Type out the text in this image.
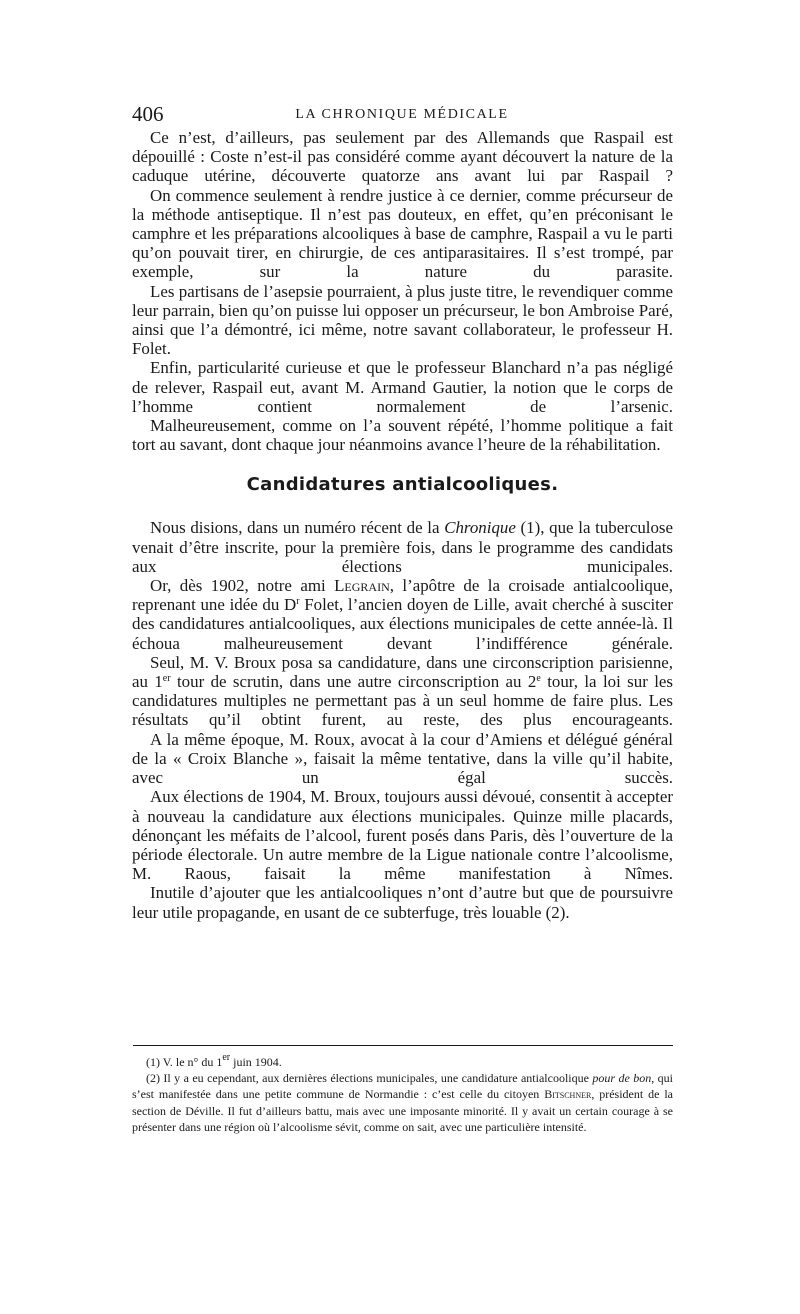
406	LA CHRONIQUE MÉDICALE

Ce n’est, d’ailleurs, pas seulement par des Allemands que Raspail est dépouillé : Coste n’est-il pas considéré comme ayant découvert la nature de la caduque utérine, découverte quatorze ans avant lui par Raspail ?

On commence seulement à rendre justice à ce dernier, comme précurseur de la méthode antiseptique. Il n’est pas douteux, en effet, qu’en préconisant le camphre et les préparations alcooliques à base de camphre, Raspail a vu le parti qu’on pouvait tirer, en chirurgie, de ces antiparasitaires. Il s’est trompé, par exemple, sur la nature du parasite.

Les partisans de l’asepsie pourraient, à plus juste titre, le revendiquer comme leur parrain, bien qu’on puisse lui opposer un précurseur, le bon Ambroise Paré, ainsi que l’a démontré, ici même, notre savant collaborateur, le professeur H. Folet.

Enfin, particularité curieuse et que le professeur Blanchard n’a pas négligé de relever, Raspail eut, avant M. Armand Gautier, la notion que le corps de l’homme contient normalement de l’arsenic.

Malheureusement, comme on l’a souvent répété, l’homme politique a fait tort au savant, dont chaque jour néanmoins avance l’heure de la réhabilitation.

Candidatures antialcooliques.

Nous disions, dans un numéro récent de la Chronique (1), que la tuberculose venait d’être inscrite, pour la première fois, dans le programme des candidats aux élections municipales.

Or, dès 1902, notre ami Legrain, l’apôtre de la croisade antialcoolique, reprenant une idée du $D^r$ Folet, l’ancien doyen de Lille, avait cherché à susciter des candidatures antialcooliques, aux élections municipales de cette année-là. Il échoua malheureusement devant l’indifférence générale.

Seul, M. V. Broux posa sa candidature, dans une circonscription parisienne, au 1er tour de scrutin, dans une autre circonscription au 2e tour, la loi sur les candidatures multiples ne permettant pas à un seul homme de faire plus. Les résultats qu’il obtint furent, au reste, des plus encourageants.

A la même époque, M. Roux, avocat à la cour d’Amiens et délégué général de la « Croix Blanche », faisait la même tentative, dans la ville qu’il habite, avec un égal succès.

Aux élections de 1904, M. Broux, toujours aussi dévoué, consentit à accepter à nouveau la candidature aux élections municipales. Quinze mille placards, dénonçant les méfaits de l’alcool, furent posés dans Paris, dès l’ouverture de la période électorale. Un autre membre de la Ligue nationale contre l’alcoolisme, M. Raous, faisait la même manifestation à Nîmes.

Inutile d’ajouter que les antialcooliques n’ont d’autre but que de poursuivre leur utile propagande, en usant de ce subterfuge, très louable (2).

(1) V. le n° du 1er juin 1904.

(2) Il y a eu cependant, aux dernières élections municipales, une candidature antialcoolique pour de bon, qui s’est manifestée dans une petite commune de Normandie : c’est celle du citoyen Bitschner, président de la section de Déville. Il fut d’ailleurs battu, mais avec une imposante minorité. Il y avait un certain courage à se présenter dans une région où l’alcoolisme sévit, comme on sait, avec une particulière intensité.
